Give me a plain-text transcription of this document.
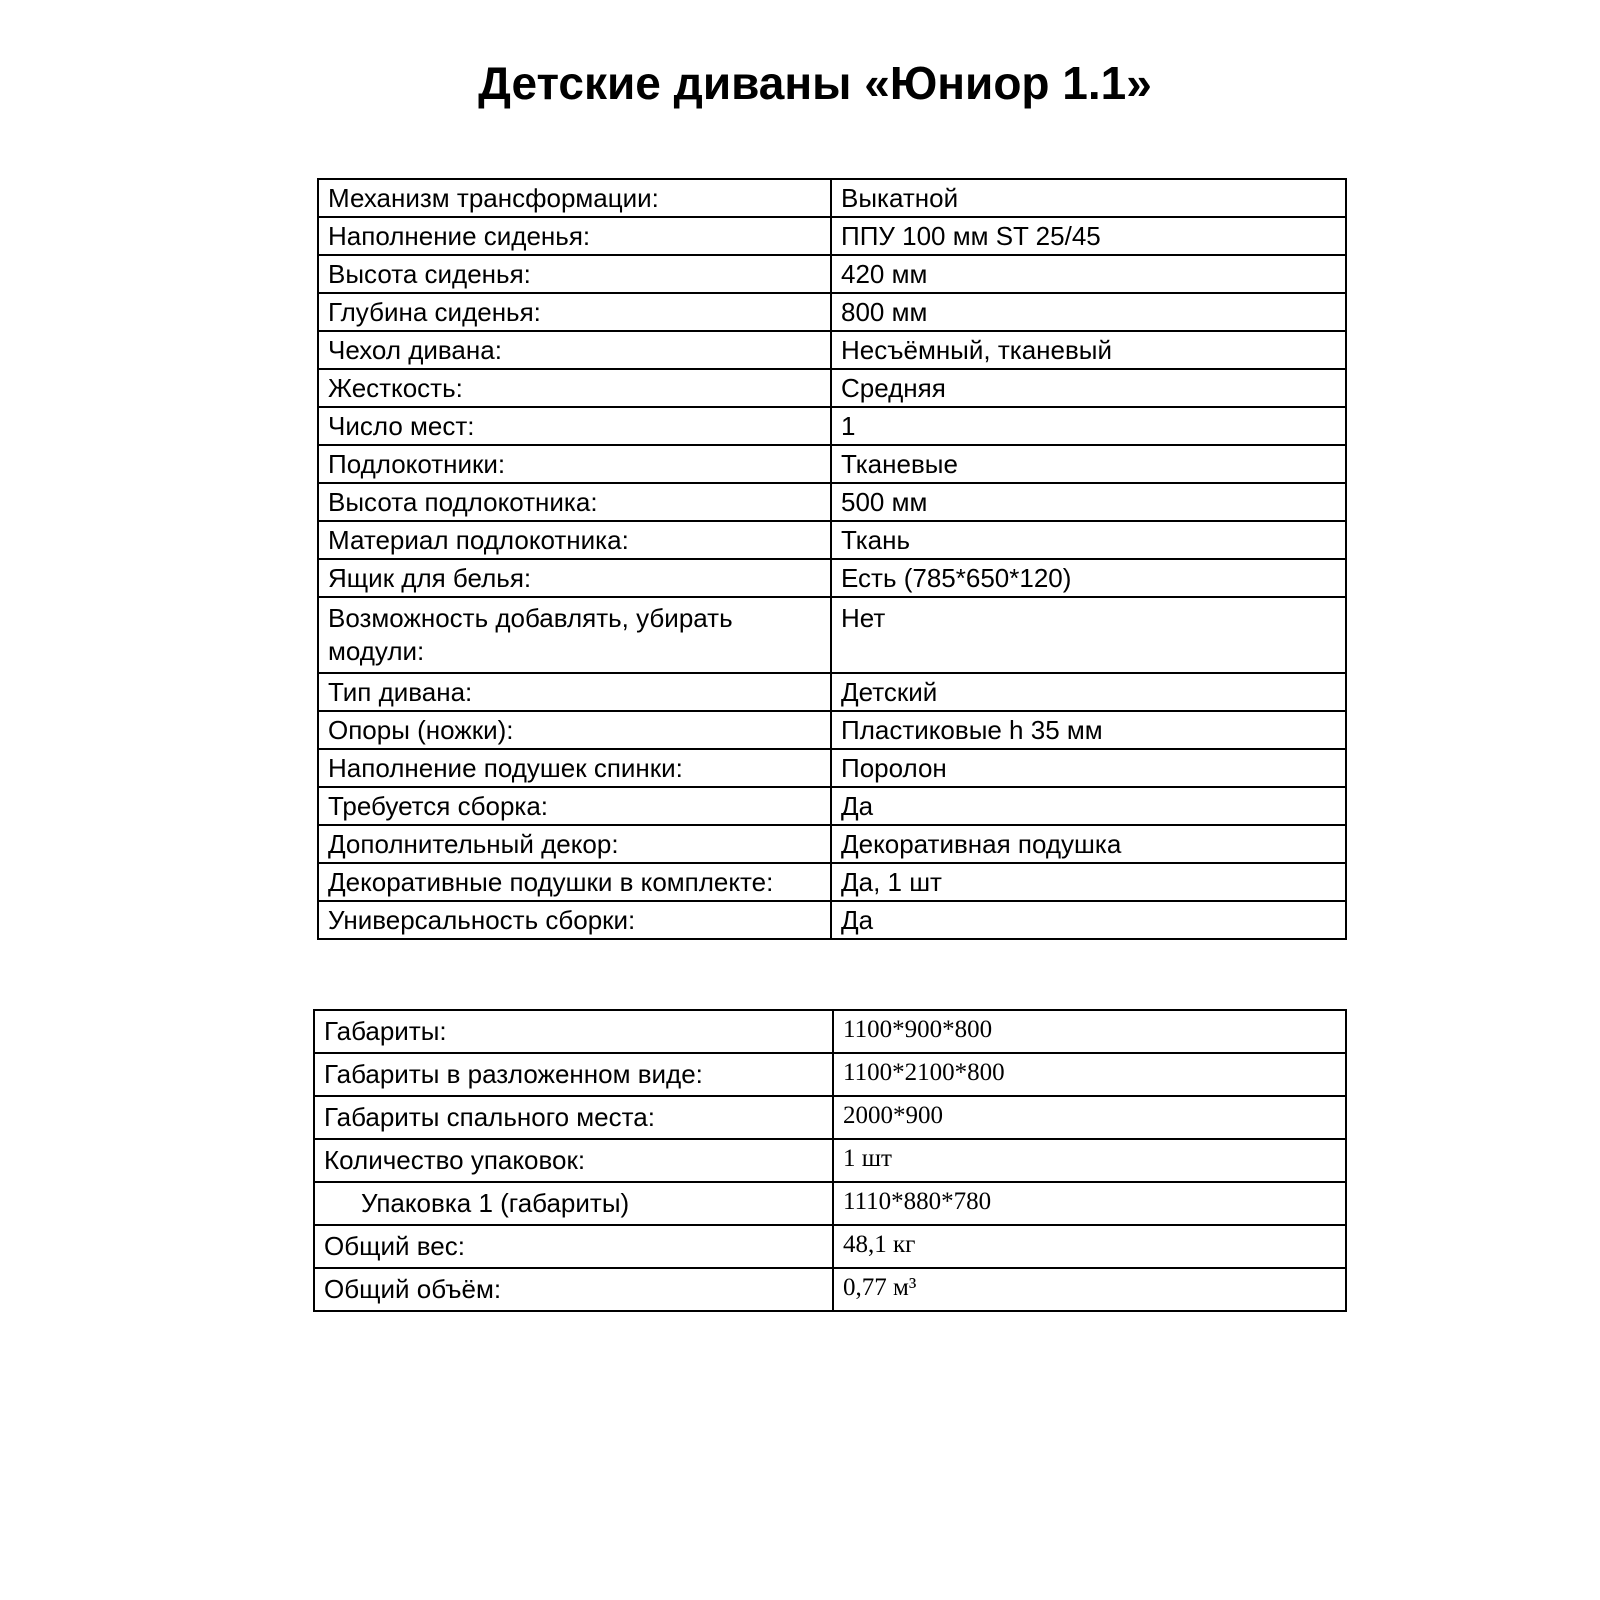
Детские диваны «Юниор 1.1»
Механизм трансформации:	Выкатной
Наполнение сиденья:	ППУ 100 мм ST 25/45
Высота сиденья:	420 мм
Глубина сиденья:	800 мм
Чехол дивана:	Несъёмный, тканевый
Жесткость:	Средняя
Число мест:	1
Подлокотники:	Тканевые
Высота подлокотника:	500 мм
Материал подлокотника:	Ткань
Ящик для белья:	Есть (785*650*120)
Возможность добавлять, убирать модули:	Нет
Тип дивана:	Детский
Опоры (ножки):	Пластиковые h 35 мм
Наполнение подушек спинки:	Поролон
Требуется сборка:	Да
Дополнительный декор:	Декоративная подушка
Декоративные подушки в комплекте:	Да, 1 шт
Универсальность сборки:	Да
Габариты:	1100*900*800
Габариты в разложенном виде:	1100*2100*800
Габариты спального места:	2000*900
Количество упаковок:	1 шт
Упаковка 1 (габариты)	1110*880*780
Общий вес:	48,1 кг
Общий объём:	0,77 м³
